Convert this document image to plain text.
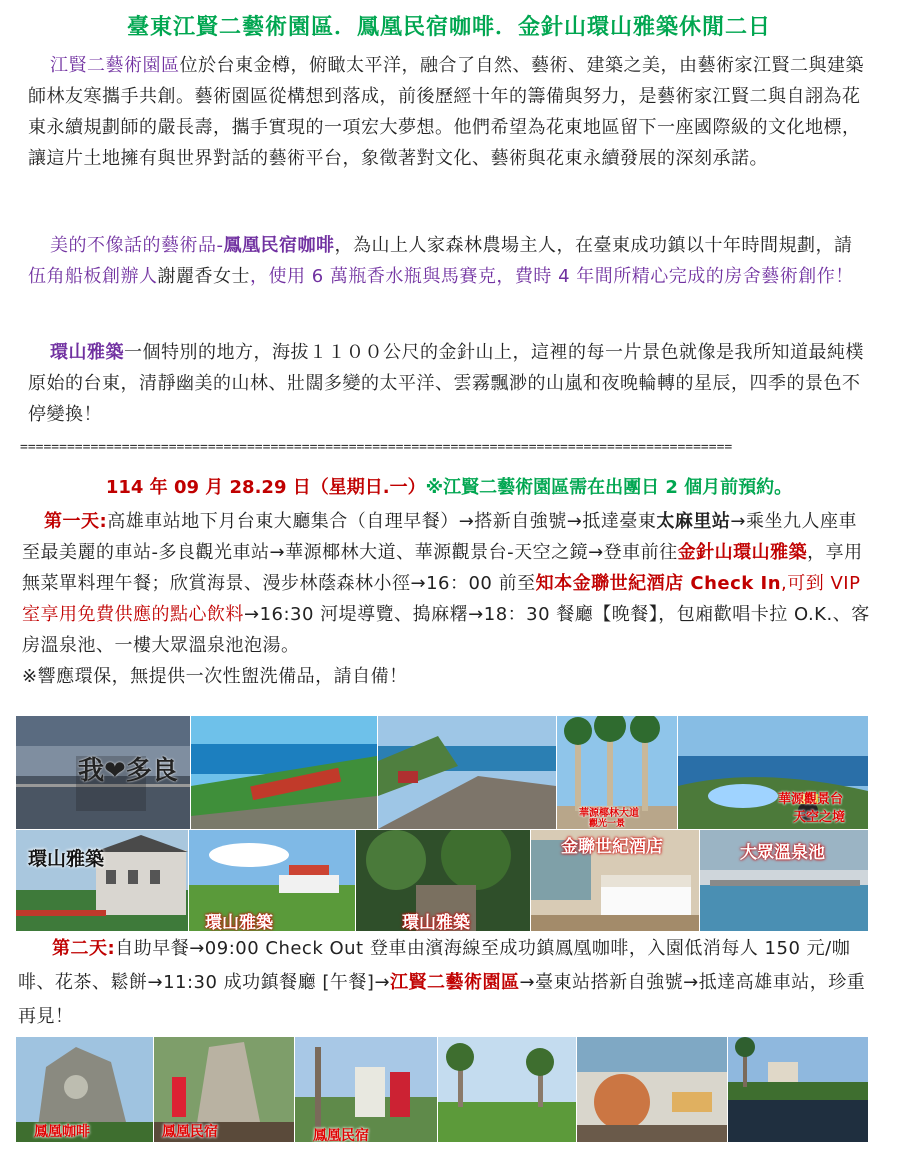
臺東江賢二藝術園區．鳳凰民宿咖啡．金針山環山雅築休閒二日
江賢二藝術園區位於台東金樽，俯瞰太平洋，融合了自然、藝術、建築之美，由藝術家江賢二與建築師林友寒攜手共創。藝術園區從構想到落成，前後歷經十年的籌備與努力，是藝術家江賢二與自詡為花東永續規劃師的嚴長壽，攜手實現的一項宏大夢想。他們希望為花東地區留下一座國際級的文化地標，讓這片土地擁有與世界對話的藝術平台，象徵著對文化、藝術與花東永續發展的深刻承諾。
美的不像話的藝術品-鳳凰民宿咖啡，為山上人家森林農場主人，在臺東成功鎮以十年時間規劃，請伍角船板創辦人謝麗香女士，使用 6 萬瓶香水瓶與馬賽克，費時 4 年間所精心完成的房舍藝術創作！
環山雅築一個特別的地方，海拔１１００公尺的金針山上，這裡的每一片景色就像是我所知道最純樸原始的台東，清靜幽美的山林、壯闊多變的太平洋、雲霧飄渺的山嵐和夜晚輪轉的星辰，四季的景色不停變換！
===========================================================================================
114 年 09 月 28.29 日（星期日.一）※江賢二藝術園區需在出團日 2 個月前預約。
第一天:高雄車站地下月台東大廳集合（自理早餐）→搭新自強號→抵達臺東太麻里站→乘坐九人座車至最美麗的車站-多良觀光車站→華源椰林大道、華源觀景台-天空之鏡→登車前往金針山環山雅築，享用無菜單料理午餐；欣賞海景、漫步林蔭森林小徑→16：00 前至知本金聯世紀酒店 Check In,可到 VIP 室享用免費供應的點心飲料→16:30 河堤導覽、搗麻糬→18：30 餐廳【晚餐】，包廂歡唱卡拉 O.K.、客房溫泉池、一樓大眾溫泉池泡湯。
※響應環保，無提供一次性盥洗備品，請自備！
我❤多良
華源椰林大道
觀光一景
華源觀景台
天空之境
環山雅築
環山雅築	環山雅築
金聯世紀酒店	大眾溫泉池
第二天:自助早餐→09:00 Check Out 登車由濱海線至成功鎮鳳凰咖啡，入園低消每人 150 元/咖啡、花茶、鬆餅→11:30 成功鎮餐廳 [午餐]→江賢二藝術園區→臺東站搭新自強號→抵達高雄車站，珍重再見！
鳳凰咖啡	鳳凰民宿	鳳凰民宿
